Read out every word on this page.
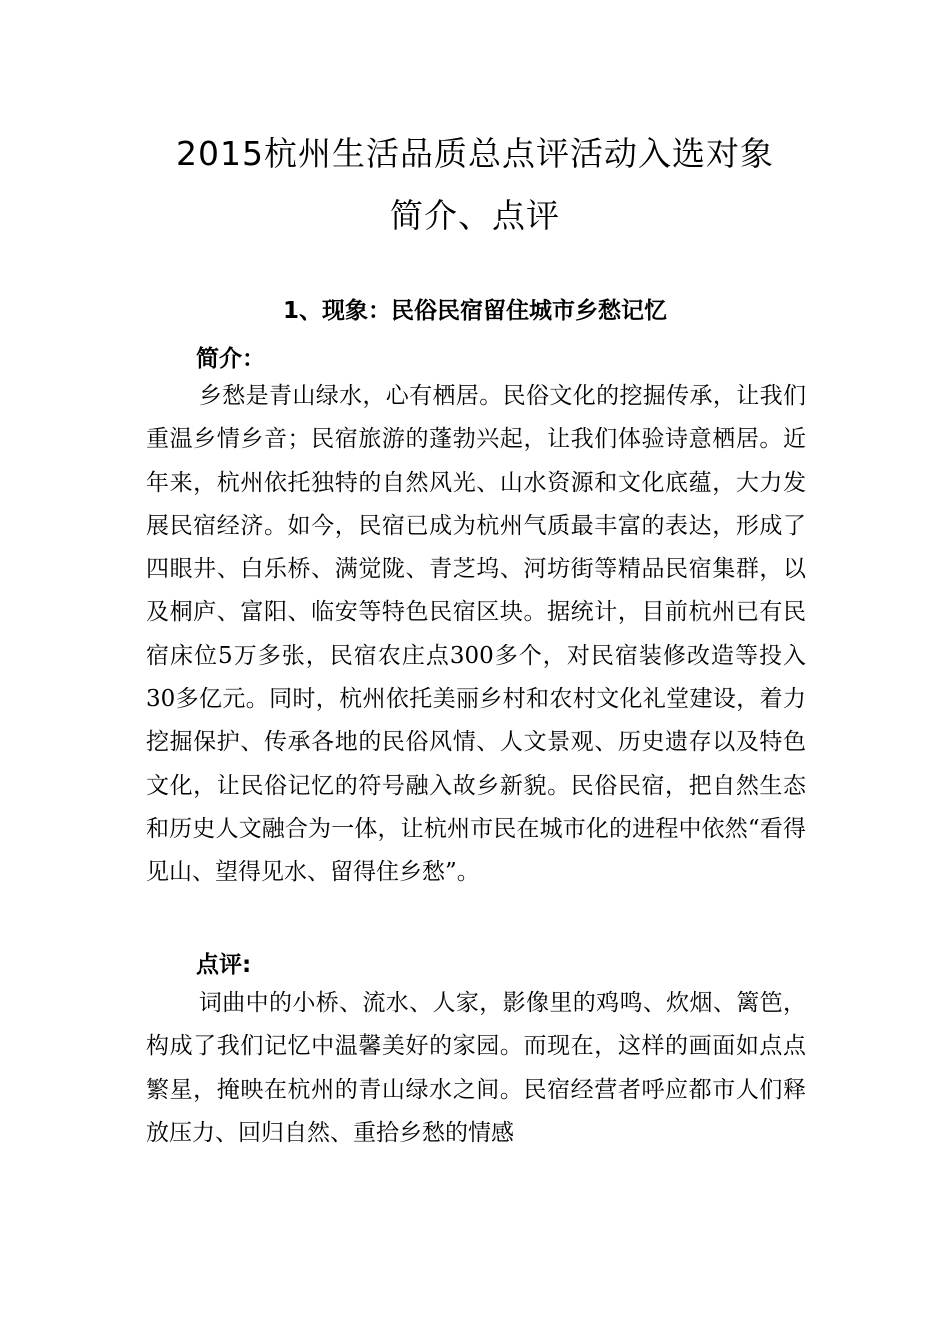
2015杭州生活品质总点评活动入选对象
简介、点评
1、现象：民俗民宿留住城市乡愁记忆
简介：

乡愁是青山绿水，心有栖居。民俗文化的挖掘传承，让我们重温乡情乡音；民宿旅游的蓬勃兴起，让我们体验诗意栖居。近年来，杭州依托独特的自然风光、山水资源和文化底蕴，大力发展民宿经济。如今，民宿已成为杭州气质最丰富的表达，形成了四眼井、白乐桥、满觉陇、青芝坞、河坊街等精品民宿集群，以及桐庐、富阳、临安等特色民宿区块。据统计，目前杭州已有民宿床位5万多张，民宿农庄点300多个，对民宿装修改造等投入30多亿元。同时，杭州依托美丽乡村和农村文化礼堂建设，着力挖掘保护、传承各地的民俗风情、人文景观、历史遗存以及特色文化，让民俗记忆的符号融入故乡新貌。民俗民宿，把自然生态和历史人文融合为一体，让杭州市民在城市化的进程中依然“看得见山、望得见水、留得住乡愁”。

点评:

词曲中的小桥、流水、人家，影像里的鸡鸣、炊烟、篱笆，构成了我们记忆中温馨美好的家园。而现在，这样的画面如点点繁星，掩映在杭州的青山绿水之间。民宿经营者呼应都市人们释放压力、回归自然、重拾乡愁的情感
